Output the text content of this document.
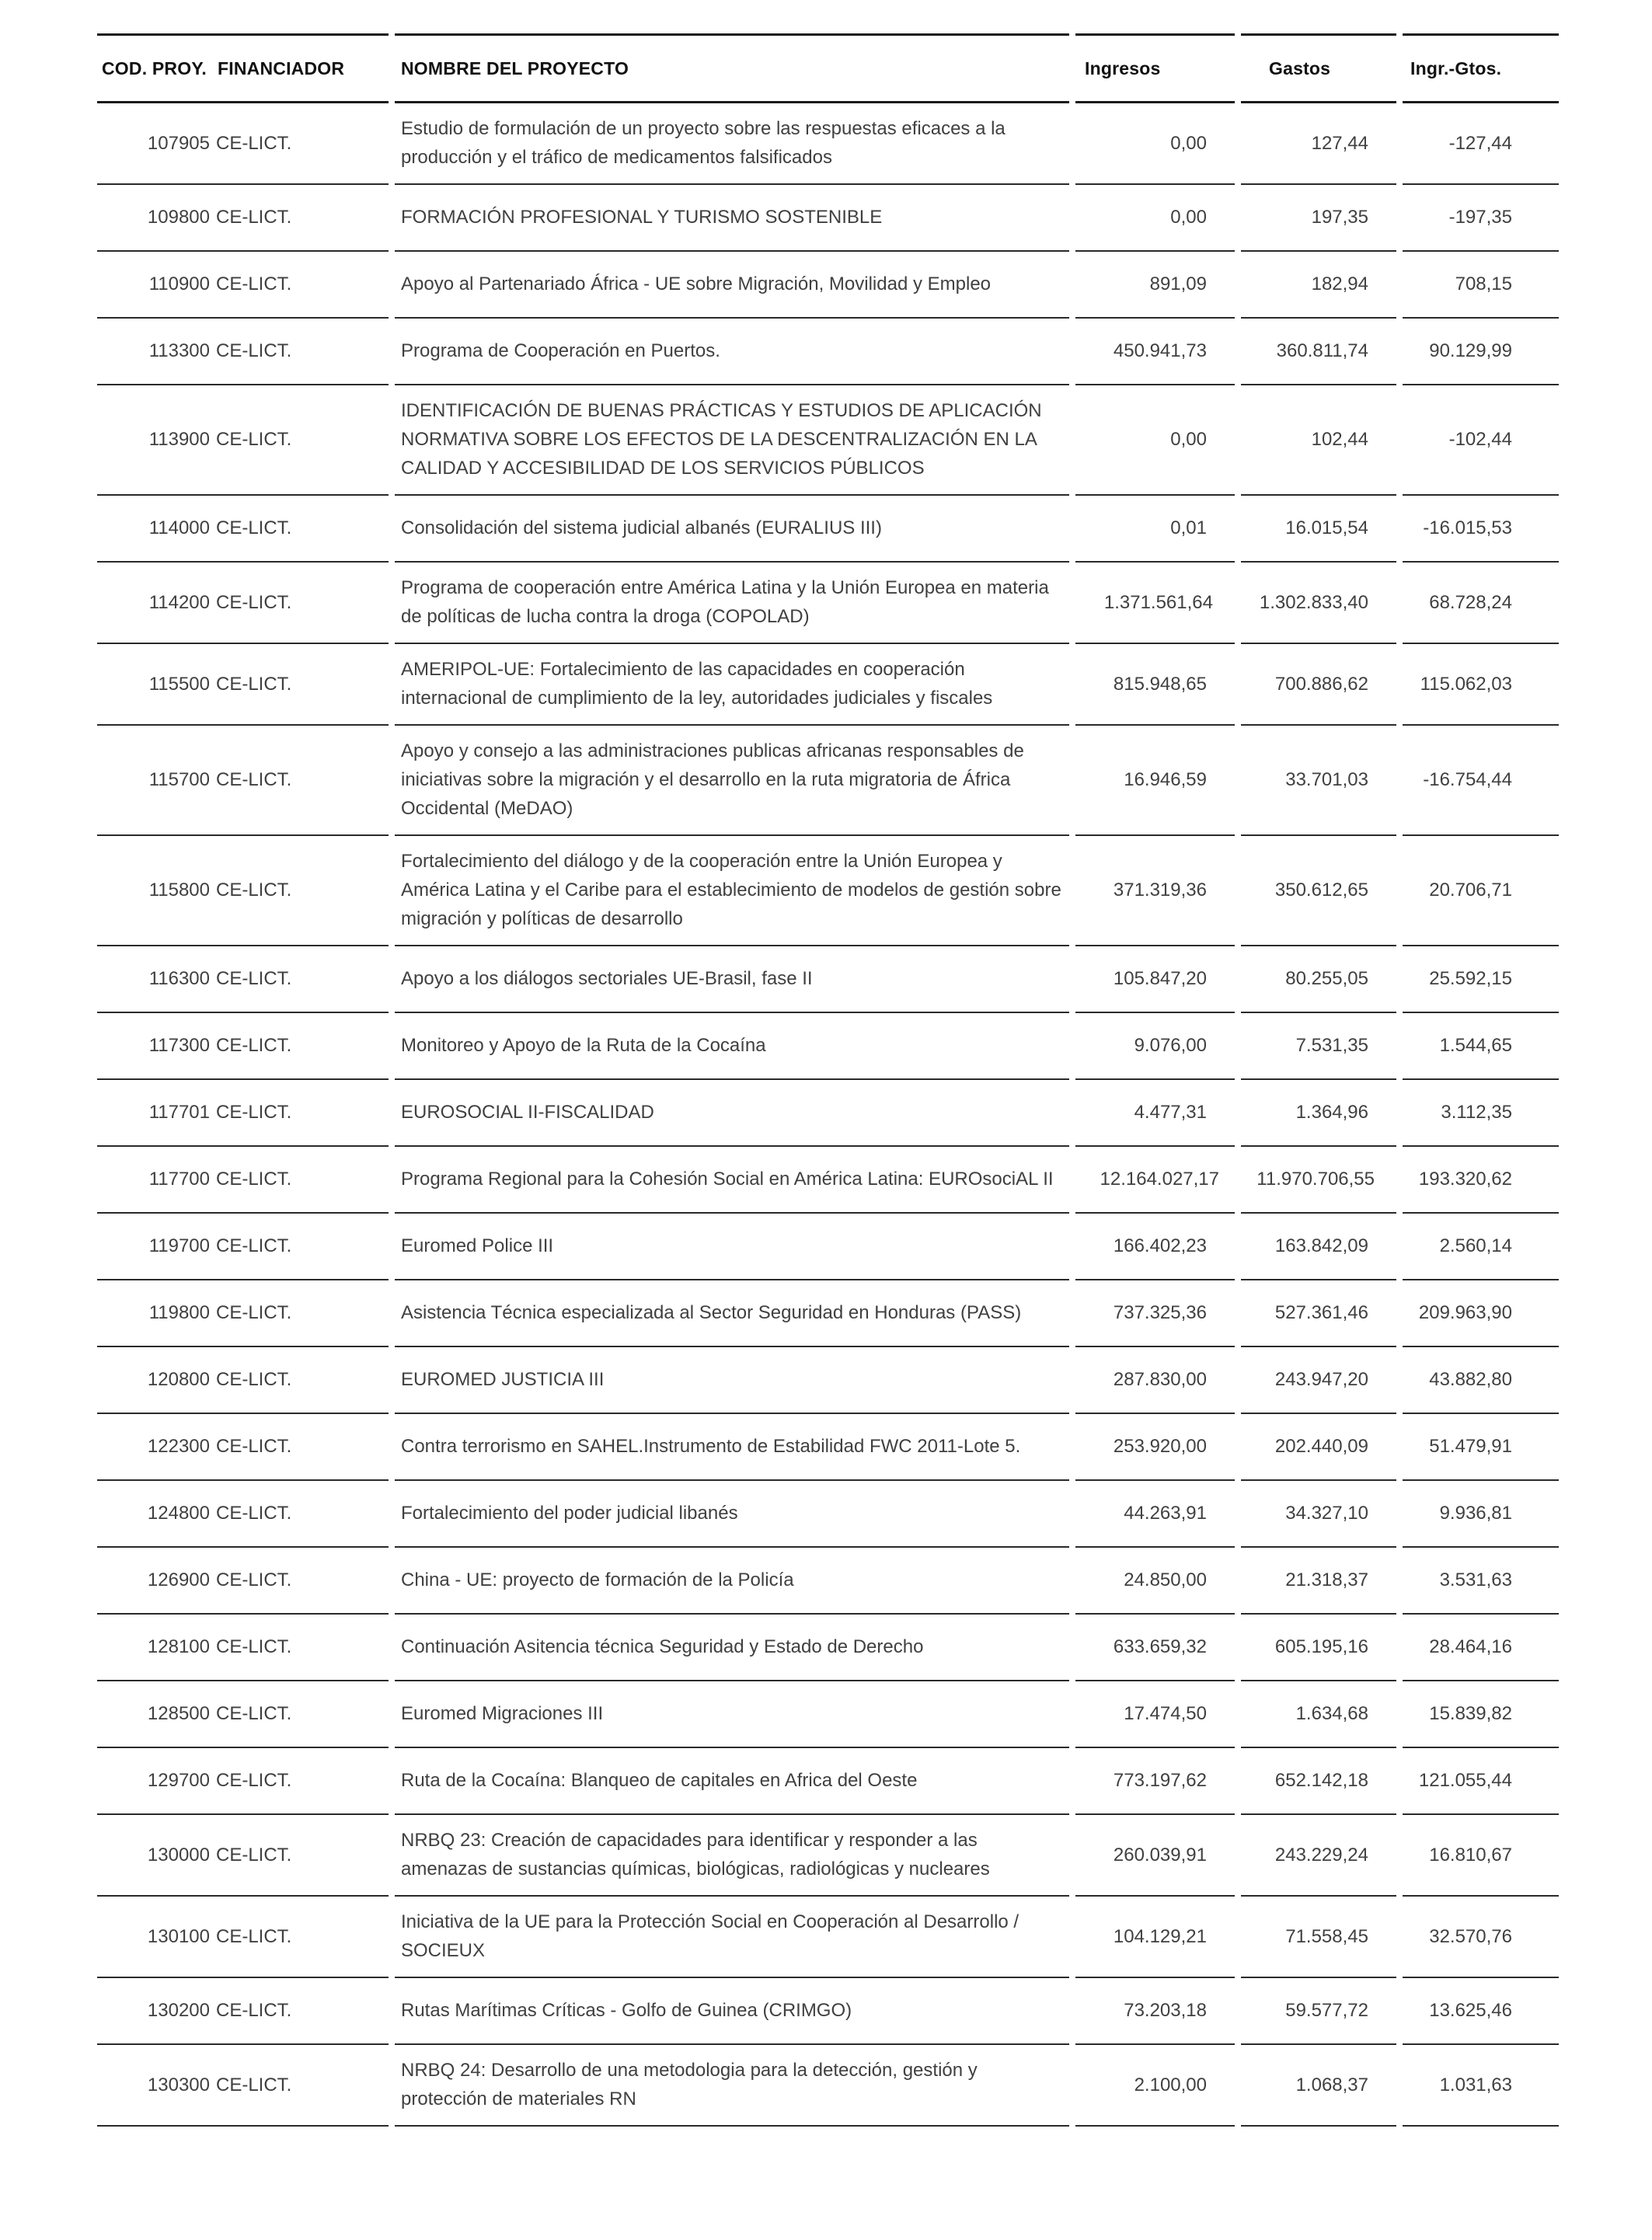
COD. PROY.	FINANCIADOR	NOMBRE DEL PROYECTO	Ingresos	Gastos	Ingr.-Gtos.
107905	CE-LICT.	Estudio de formulación de un proyecto sobre las respuestas eficaces a la producción y el tráfico de medicamentos falsificados	0,00	127,44	-127,44
109800	CE-LICT.	FORMACIÓN PROFESIONAL Y TURISMO SOSTENIBLE	0,00	197,35	-197,35
110900	CE-LICT.	Apoyo al Partenariado África - UE sobre Migración, Movilidad y Empleo	891,09	182,94	708,15
113300	CE-LICT.	Programa de Cooperación en Puertos.	450.941,73	360.811,74	90.129,99
113900	CE-LICT.	IDENTIFICACIÓN DE BUENAS PRÁCTICAS Y ESTUDIOS DE APLICACIÓN NORMATIVA SOBRE LOS EFECTOS DE LA DESCENTRALIZACIÓN EN LA CALIDAD Y ACCESIBILIDAD DE LOS SERVICIOS PÚBLICOS	0,00	102,44	-102,44
114000	CE-LICT.	Consolidación del sistema judicial albanés (EURALIUS III)	0,01	16.015,54	-16.015,53
114200	CE-LICT.	Programa de cooperación entre América Latina y la Unión Europea en materia de políticas de lucha contra la droga (COPOLAD)	1.371.561,64	1.302.833,40	68.728,24
115500	CE-LICT.	AMERIPOL-UE: Fortalecimiento de las capacidades en cooperación internacional de cumplimiento de la ley, autoridades judiciales y fiscales	815.948,65	700.886,62	115.062,03
115700	CE-LICT.	Apoyo y consejo a las administraciones publicas africanas responsables de iniciativas sobre la migración y el desarrollo en la ruta migratoria de África Occidental (MeDAO)	16.946,59	33.701,03	-16.754,44
115800	CE-LICT.	Fortalecimiento del diálogo y de la cooperación entre la Unión Europea y América Latina y el Caribe para el establecimiento de modelos de gestión sobre migración y políticas de desarrollo	371.319,36	350.612,65	20.706,71
116300	CE-LICT.	Apoyo a los diálogos sectoriales UE-Brasil, fase II	105.847,20	80.255,05	25.592,15
117300	CE-LICT.	Monitoreo y Apoyo de la Ruta de la Cocaína	9.076,00	7.531,35	1.544,65
117701	CE-LICT.	EUROSOCIAL II-FISCALIDAD	4.477,31	1.364,96	3.112,35
117700	CE-LICT.	Programa Regional para la Cohesión Social en América Latina: EUROsociAL II	12.164.027,17	11.970.706,55	193.320,62
119700	CE-LICT.	Euromed Police III	166.402,23	163.842,09	2.560,14
119800	CE-LICT.	Asistencia Técnica especializada al Sector Seguridad en Honduras (PASS)	737.325,36	527.361,46	209.963,90
120800	CE-LICT.	EUROMED JUSTICIA III	287.830,00	243.947,20	43.882,80
122300	CE-LICT.	Contra terrorismo en SAHEL.Instrumento de Estabilidad FWC 2011-Lote 5.	253.920,00	202.440,09	51.479,91
124800	CE-LICT.	Fortalecimiento del poder judicial libanés	44.263,91	34.327,10	9.936,81
126900	CE-LICT.	China - UE: proyecto de formación de la Policía	24.850,00	21.318,37	3.531,63
128100	CE-LICT.	Continuación Asitencia técnica Seguridad y Estado de Derecho	633.659,32	605.195,16	28.464,16
128500	CE-LICT.	Euromed Migraciones III	17.474,50	1.634,68	15.839,82
129700	CE-LICT.	Ruta de la Cocaína: Blanqueo de capitales en Africa del Oeste	773.197,62	652.142,18	121.055,44
130000	CE-LICT.	NRBQ 23: Creación de capacidades para identificar y responder a las amenazas de sustancias químicas, biológicas, radiológicas y nucleares	260.039,91	243.229,24	16.810,67
130100	CE-LICT.	Iniciativa de la UE para la Protección Social en Cooperación al Desarrollo / SOCIEUX	104.129,21	71.558,45	32.570,76
130200	CE-LICT.	Rutas Marítimas Críticas - Golfo de Guinea (CRIMGO)	73.203,18	59.577,72	13.625,46
130300	CE-LICT.	NRBQ 24: Desarrollo de una metodologia para la detección, gestión y protección de materiales RN	2.100,00	1.068,37	1.031,63
